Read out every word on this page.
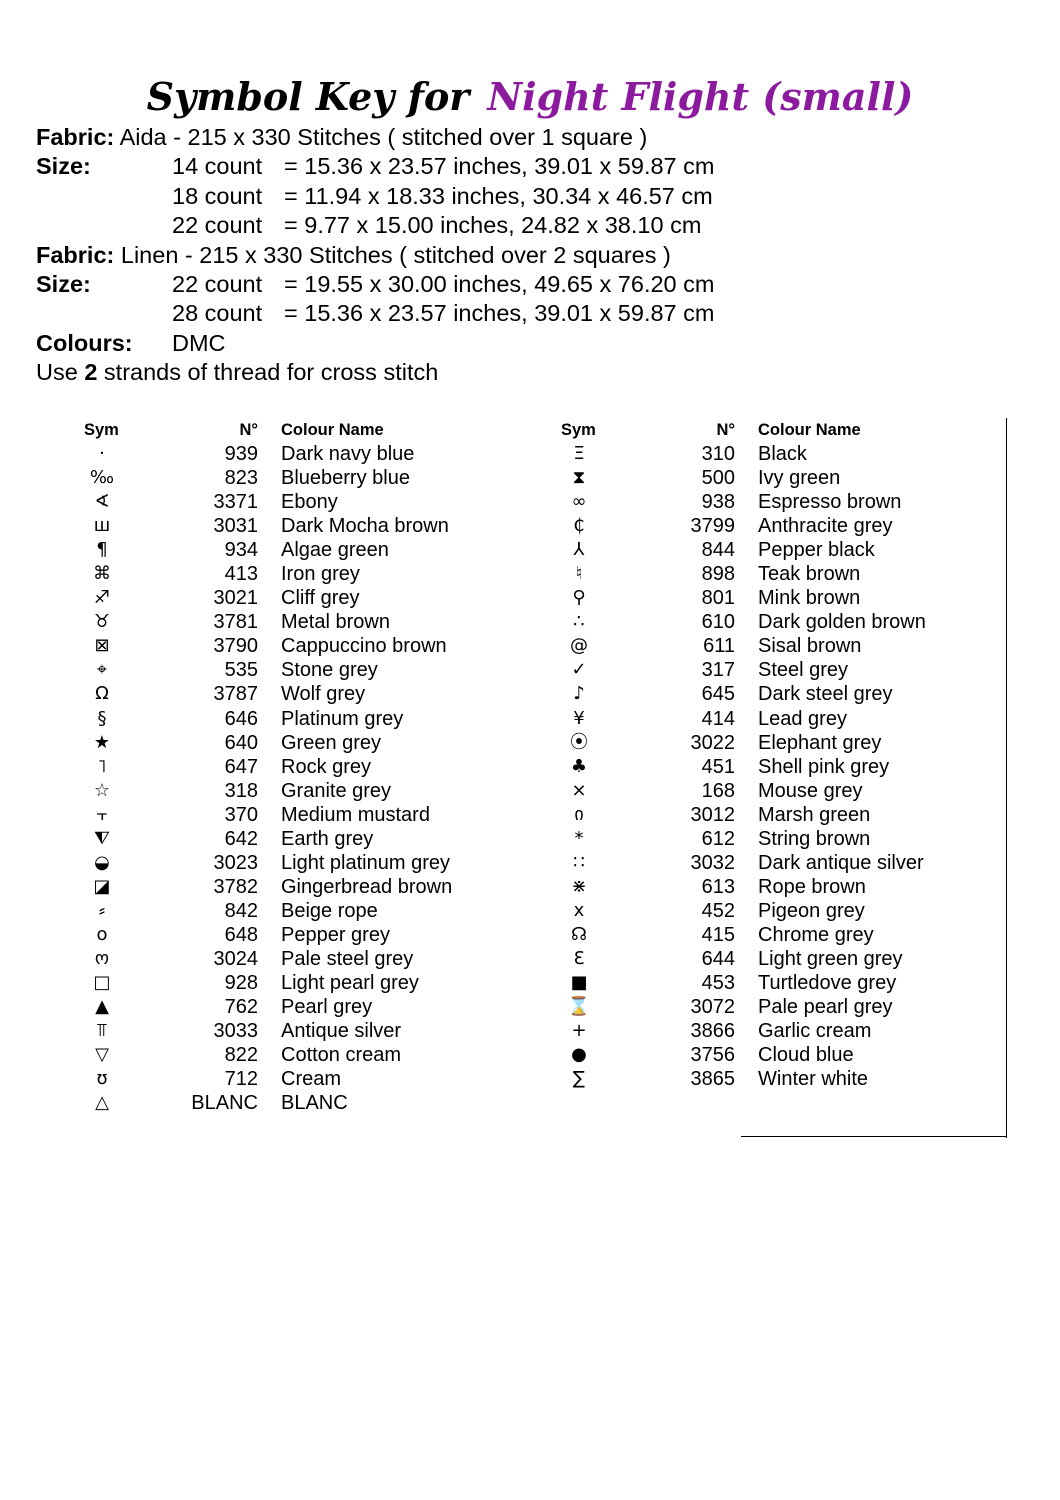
Symbol Key for Night Flight (small)
Fabric: Aida - 215 x 330 Stitches ( stitched over 1 square )
Size:	14 count = 15.36 x 23.57 inches, 39.01 x 59.87 cm
18 count = 11.94 x 18.33 inches, 30.34 x 46.57 cm
22 count = 9.77 x 15.00 inches, 24.82 x 38.10 cm
Fabric: Linen - 215 x 330 Stitches ( stitched over 2 squares )
Size:	22 count = 19.55 x 30.00 inches, 49.65 x 76.20 cm
28 count = 15.36 x 23.57 inches, 39.01 x 59.87 cm
Colours: DMC
Use 2 strands of thread for cross stitch
Sym	N° Colour Name
·	939 Dark navy blue
‰	823 Blueberry blue
∢	3371 Ebony
ш	3031 Dark Mocha brown
¶	934 Algae green
⌘	413 Iron grey
♐	3021 Cliff grey
♉	3781 Metal brown
⊠	3790 Cappuccino brown
⌖	535 Stone grey
Ω	3787 Wolf grey
§	646 Platinum grey
★	640 Green grey
˥	647 Rock grey
☆	318 Granite grey
⫟	370 Medium mustard
⧨	642 Earth grey
◒	3023 Light platinum grey
◪	3782 Gingerbread brown
⸗	842 Beige rope
o	648 Pepper grey
ო	3024 Pale steel grey
□	928 Light pearl grey
▲	762 Pearl grey
⫪	3033 Antique silver
▽	822 Cotton cream
ʊ	712 Cream
△	BLANC BLANC
Sym	N° Colour Name
Ξ	310 Black
⧗	500 Ivy green
∞	938 Espresso brown
₵	3799 Anthracite grey
⅄	844 Pepper black
♮	898 Teak brown
⚲	801 Mink brown
∴	610 Dark golden brown
@	611 Sisal brown
✓	317 Steel grey
♪	645 Dark steel grey
¥	414 Lead grey
⦿	3022 Elephant grey
♣	451 Shell pink grey
⨯	168 Mouse grey
ი	3012 Marsh green
*	612 String brown
∷	3032 Dark antique silver
⋇	613 Rope brown
x	452 Pigeon grey
☊	415 Chrome grey
Ɛ	644 Light green grey
■	453 Turtledove grey
⌛	3072 Pale pearl grey
+	3866 Garlic cream
●	3756 Cloud blue
∑	3865 Winter white
